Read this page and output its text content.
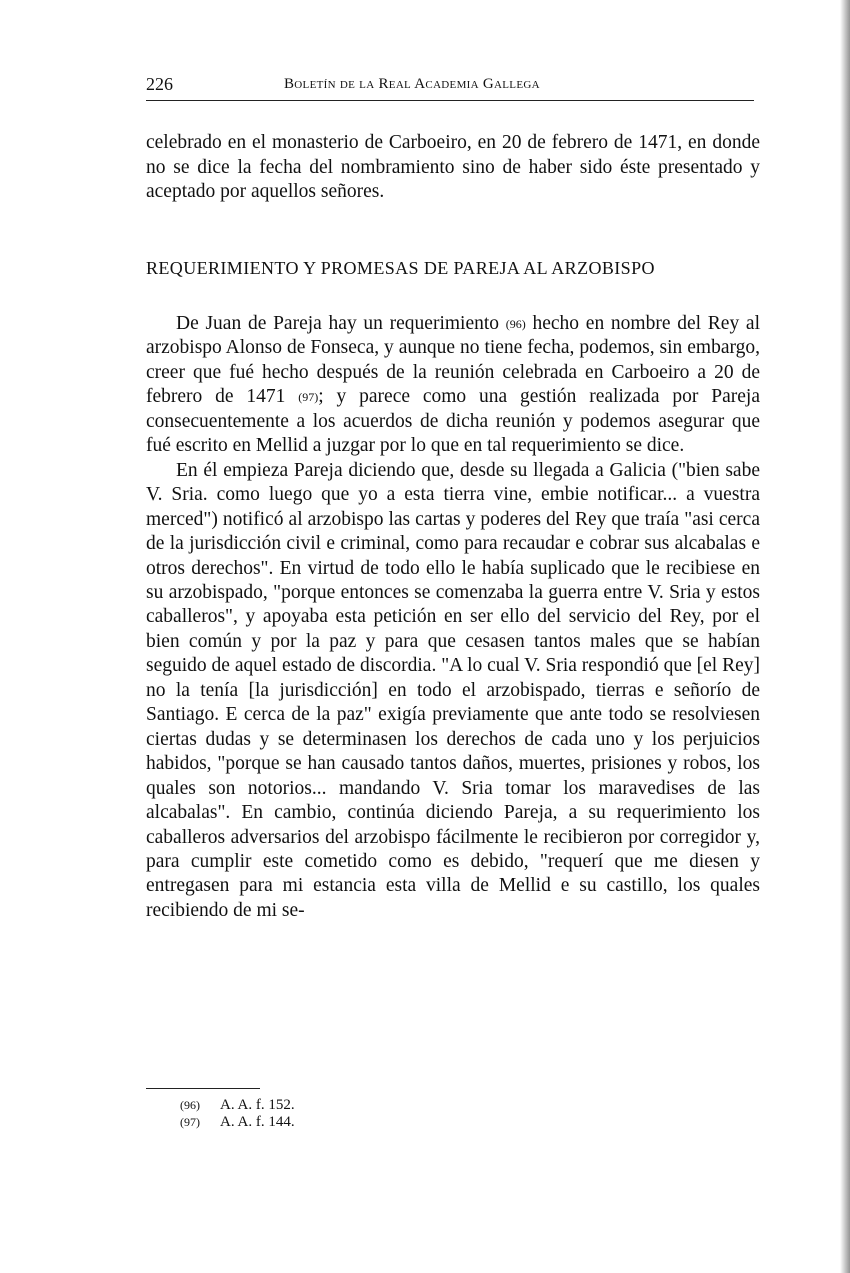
226	Boletín de la Real Academia Gallega

celebrado en el monasterio de Carboeiro, en 20 de febrero de 1471, en donde no se dice la fecha del nombramiento sino de haber sido éste presentado y aceptado por aquellos señores.

REQUERIMIENTO Y PROMESAS DE PAREJA AL ARZOBISPO

De Juan de Pareja hay un requerimiento (96) hecho en nombre del Rey al arzobispo Alonso de Fonseca, y aunque no tiene fecha, podemos, sin embargo, creer que fué hecho después de la reunión celebrada en Carboeiro a 20 de febrero de 1471 (97); y parece como una gestión realizada por Pareja consecuentemente a los acuerdos de dicha reunión y podemos asegurar que fué escrito en Mellid a juzgar por lo que en tal requerimiento se dice.

En él empieza Pareja diciendo que, desde su llegada a Galicia ("bien sabe V. Sria. como luego que yo a esta tierra vine, embie notificar... a vuestra merced") notificó al arzobispo las cartas y poderes del Rey que traía "asi cerca de la jurisdicción civil e criminal, como para recaudar e cobrar sus alcabalas e otros derechos". En virtud de todo ello le había suplicado que le recibiese en su arzobispado, "porque entonces se comenzaba la guerra entre V. Sria y estos caballeros", y apoyaba esta petición en ser ello del servicio del Rey, por el bien común y por la paz y para que cesasen tantos males que se habían seguido de aquel estado de discordia. "A lo cual V. Sria respondió que [el Rey] no la tenía [la jurisdicción] en todo el arzobispado, tierras e señorío de Santiago. E cerca de la paz" exigía previamente que ante todo se resolviesen ciertas dudas y se determinasen los derechos de cada uno y los perjuicios habidos, "porque se han causado tantos daños, muertes, prisiones y robos, los quales son notorios... mandando V. Sria tomar los maravedises de las alcabalas". En cambio, continúa diciendo Pareja, a su requerimiento los caballeros adversarios del arzobispo fácilmente le recibieron por corregidor y, para cumplir este cometido como es debido, "requerí que me diesen y entregasen para mi estancia esta villa de Mellid e su castillo, los quales recibiendo de mi se-

(96) A. A. f. 152.
(97) A. A. f. 144.
